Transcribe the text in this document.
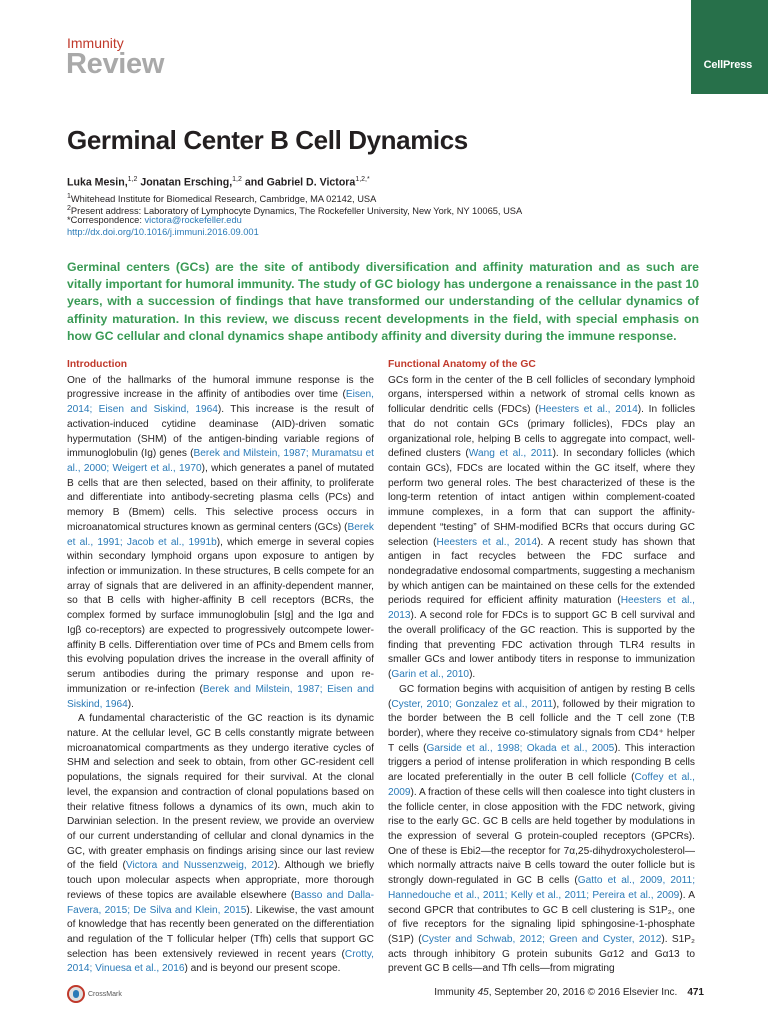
Immunity
Review	CellPress
Germinal Center B Cell Dynamics
Luka Mesin,$^{1,2}$ Jonatan Ersching,$^{1,2}$ and Gabriel D. Victora$^{1,2,*}$
$^1$Whitehead Institute for Biomedical Research, Cambridge, MA 02142, USA
$^2$Present address: Laboratory of Lymphocyte Dynamics, The Rockefeller University, New York, NY 10065, USA
*Correspondence: victora@rockefeller.edu
http://dx.doi.org/10.1016/j.immuni.2016.09.001
Germinal centers (GCs) are the site of antibody diversification and affinity maturation and as such are vitally important for humoral immunity. The study of GC biology has undergone a renaissance in the past 10 years, with a succession of findings that have transformed our understanding of the cellular dynamics of affinity maturation. In this review, we discuss recent developments in the field, with special emphasis on how GC cellular and clonal dynamics shape antibody affinity and diversity during the immune response.
Introduction

One of the hallmarks of the humoral immune response is the progressive increase in the affinity of antibodies over time (Eisen, 2014; Eisen and Siskind, 1964). This increase is the result of activation-induced cytidine deaminase (AID)-driven somatic hypermutation (SHM) of the antigen-binding variable regions of immunoglobulin (Ig) genes (Berek and Milstein, 1987; Muramatsu et al., 2000; Weigert et al., 1970), which generates a panel of mutated B cells that are then selected, based on their affinity, to proliferate and differentiate into antibody-secreting plasma cells (PCs) and memory B (Bmem) cells. This selective process occurs in microanatomical structures known as germinal centers (GCs) (Berek et al., 1991; Jacob et al., 1991b), which emerge in several copies within secondary lymphoid organs upon exposure to antigen by infection or immunization. In these structures, B cells compete for an array of signals that are delivered in an affinity-dependent manner, so that B cells with higher-affinity B cell receptors (BCRs, the complex formed by surface immunoglobulin [sIg] and the Igα and Igβ co-receptors) are expected to progressively outcompete lower-affinity B cells. Differentiation over time of PCs and Bmem cells from this evolving population drives the increase in the overall affinity of serum antibodies during the primary response and upon re-immunization or re-infection (Berek and Milstein, 1987; Eisen and Siskind, 1964).

A fundamental characteristic of the GC reaction is its dynamic nature. At the cellular level, GC B cells constantly migrate between microanatomical compartments as they undergo iterative cycles of SHM and selection and seek to obtain, from other GC-resident cell populations, the signals required for their survival. At the clonal level, the expansion and contraction of clonal populations based on their relative fitness follows a dynamics of its own, much akin to Darwinian selection. In the present review, we provide an overview of our current understanding of cellular and clonal dynamics in the GC, with greater emphasis on findings arising since our last review of the field (Victora and Nussenzweig, 2012). Although we briefly touch upon molecular aspects when appropriate, more thorough reviews of these topics are available elsewhere (Basso and Dalla-Favera, 2015; De Silva and Klein, 2015). Likewise, the vast amount of knowledge that has recently been generated on the differentiation and regulation of the T follicular helper (Tfh) cells that support GC selection has been extensively reviewed in recent years (Crotty, 2014; Vinuesa et al., 2016) and is beyond our present scope.

Functional Anatomy of the GC

GCs form in the center of the B cell follicles of secondary lymphoid organs, interspersed within a network of stromal cells known as follicular dendritic cells (FDCs) (Heesters et al., 2014). In follicles that do not contain GCs (primary follicles), FDCs play an organizational role, helping B cells to aggregate into compact, well-defined clusters (Wang et al., 2011). In secondary follicles (which contain GCs), FDCs are located within the GC itself, where they perform two general roles. The best characterized of these is the long-term retention of intact antigen within complement-coated immune complexes, in a form that can support the affinity-dependent “testing” of SHM-modified BCRs that occurs during GC selection (Heesters et al., 2014). A recent study has shown that antigen in fact recycles between the FDC surface and nondegradative endosomal compartments, suggesting a mechanism by which antigen can be maintained on these cells for the extended periods required for efficient affinity maturation (Heesters et al., 2013). A second role for FDCs is to support GC B cell survival and the overall prolificacy of the GC reaction. This is supported by the finding that preventing FDC activation through TLR4 results in smaller GCs and lower antibody titers in response to immunization (Garin et al., 2010).

GC formation begins with acquisition of antigen by resting B cells (Cyster, 2010; Gonzalez et al., 2011), followed by their migration to the border between the B cell follicle and the T cell zone (T:B border), where they receive co-stimulatory signals from CD4⁺ helper T cells (Garside et al., 1998; Okada et al., 2005). This interaction triggers a period of intense proliferation in which responding B cells are located preferentially in the outer B cell follicle (Coffey et al., 2009). A fraction of these cells will then coalesce into tight clusters in the follicle center, in close apposition with the FDC network, giving rise to the early GC. GC B cells are held together by modulations in the expression of several G protein-coupled receptors (GPCRs). One of these is Ebi2—the receptor for 7α,25-dihydroxycholesterol—which normally attracts naive B cells toward the outer follicle but is strongly down-regulated in GC B cells (Gatto et al., 2009, 2011; Hannedouche et al., 2011; Kelly et al., 2011; Pereira et al., 2009). A second GPCR that contributes to GC B cell clustering is S1P₂, one of five receptors for the signaling lipid sphingosine-1-phosphate (S1P) (Cyster and Schwab, 2012; Green and Cyster, 2012). S1P₂ acts through inhibitory G protein subunits Gα12 and Gα13 to prevent GC B cells—and Tfh cells—from migrating

CrossMark	Immunity 45, September 20, 2016 © 2016 Elsevier Inc. 471
